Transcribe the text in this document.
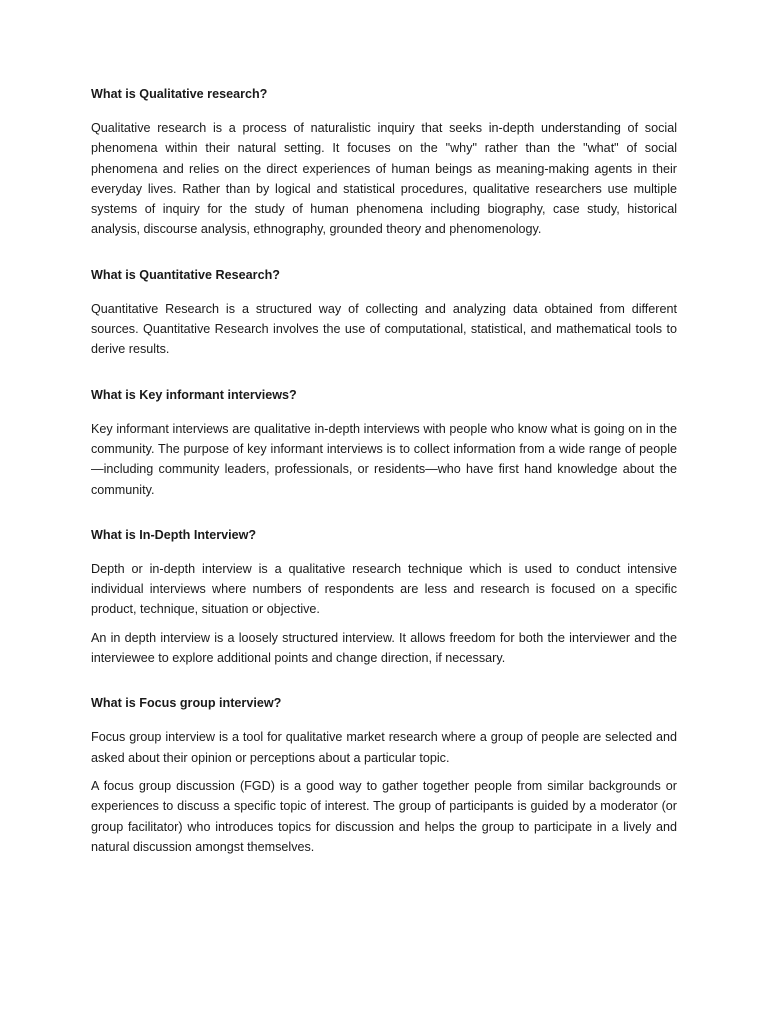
What is Qualitative research?

Qualitative research is a process of naturalistic inquiry that seeks in-depth understanding of social phenomena within their natural setting. It focuses on the "why" rather than the "what" of social phenomena and relies on the direct experiences of human beings as meaning-making agents in their everyday lives. Rather than by logical and statistical procedures, qualitative researchers use multiple systems of inquiry for the study of human phenomena including biography, case study, historical analysis, discourse analysis, ethnography, grounded theory and phenomenology.

What is Quantitative Research?

Quantitative Research is a structured way of collecting and analyzing data obtained from different sources. Quantitative Research involves the use of computational, statistical, and mathematical tools to derive results.

What is Key informant interviews?

Key informant interviews are qualitative in-depth interviews with people who know what is going on in the community. The purpose of key informant interviews is to collect information from a wide range of people—including community leaders, professionals, or residents—who have first hand knowledge about the community.

What is In-Depth Interview?

Depth or in-depth interview is a qualitative research technique which is used to conduct intensive individual interviews where numbers of respondents are less and research is focused on a specific product, technique, situation or objective.

An in depth interview is a loosely structured interview. It allows freedom for both the interviewer and the interviewee to explore additional points and change direction, if necessary.

What is Focus group interview?

Focus group interview is a tool for qualitative market research where a group of people are selected and asked about their opinion or perceptions about a particular topic.

A focus group discussion (FGD) is a good way to gather together people from similar backgrounds or experiences to discuss a specific topic of interest. The group of participants is guided by a moderator (or group facilitator) who introduces topics for discussion and helps the group to participate in a lively and natural discussion amongst themselves.
